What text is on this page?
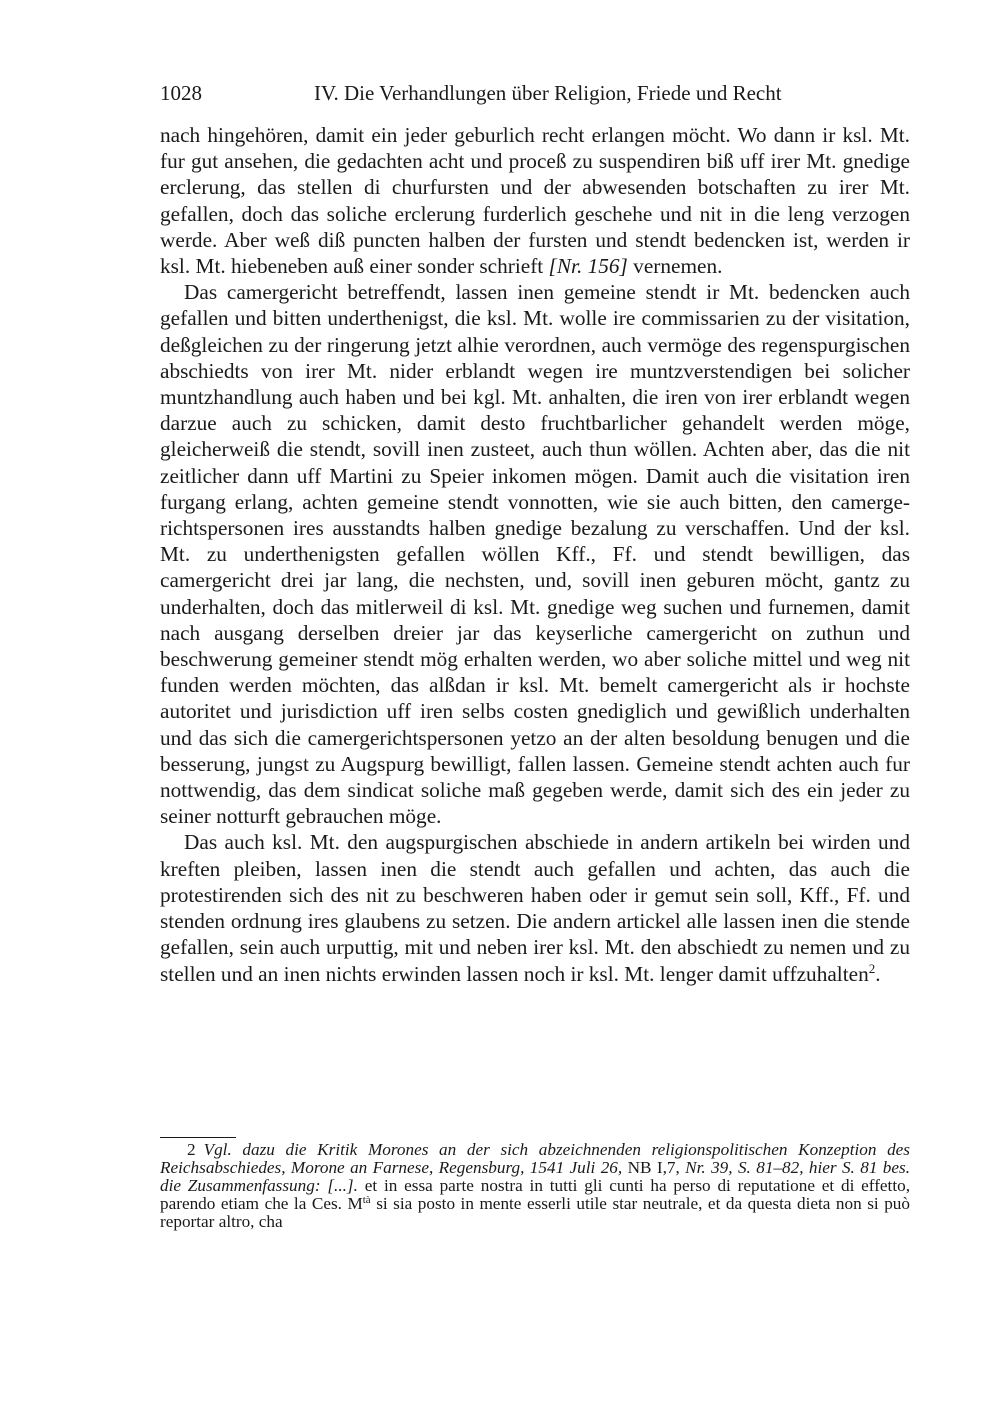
1028	IV. Die Verhandlungen über Religion, Friede und Recht

nach hingehören, damit ein jeder geburlich recht erlangen möcht. Wo dann ir ksl. Mt. fur gut ansehen, die gedachten acht und proceß zu suspendiren biß uff irer Mt. gnedige erclerung, das stellen di churfursten und der abwesenden botschaften zu irer Mt. gefallen, doch das soliche erclerung furderlich geschehe und nit in die leng verzogen werde. Aber weß diß puncten halben der fursten und stendt bedencken ist, werden ir ksl. Mt. hiebeneben auß einer sonder schrieft [Nr. 156] vernemen.

Das camergericht betreffendt, lassen inen gemeine stendt ir Mt. bedencken auch gefallen und bitten underthenigst, die ksl. Mt. wolle ire commissarien zu der visitation, deßgleichen zu der ringerung jetzt alhie verordnen, auch vermöge des regenspurgischen abschiedts von irer Mt. nider erblandt wegen ire muntzverstendigen bei solicher muntzhandlung auch haben und bei kgl. Mt. anhalten, die iren von irer erblandt wegen darzue auch zu schicken, damit desto fruchtbarlicher gehandelt werden möge, gleicherweiß die stendt, sovill inen zusteet, auch thun wöllen. Achten aber, das die nit zeitlicher dann uff Martini zu Speier inkomen mögen. Damit auch die visitation iren furgang erlang, achten gemeine stendt vonnotten, wie sie auch bitten, den camergerichtspersonen ires ausstandts halben gnedige bezalung zu verschaffen. Und der ksl. Mt. zu underthenigsten gefallen wöllen Kff., Ff. und stendt bewilligen, das camergericht drei jar lang, die nechsten, und, sovill inen geburen möcht, gantz zu underhalten, doch das mitlerweil di ksl. Mt. gnedige weg suchen und furnemen, damit nach ausgang derselben dreier jar das keyserliche camergericht on zuthun und beschwerung gemeiner stendt mög erhalten werden, wo aber soliche mittel und weg nit funden werden möchten, das alßdan ir ksl. Mt. bemelt camergericht als ir hochste autoritet und jurisdiction uff iren selbs costen gnediglich und gewißlich underhalten und das sich die camergerichtspersonen yetzo an der alten besoldung benugen und die besserung, jungst zu Augspurg bewilligt, fallen lassen. Gemeine stendt achten auch fur nottwendig, das dem sindicat soliche maß gegeben werde, damit sich des ein jeder zu seiner notturft gebrauchen möge.

Das auch ksl. Mt. den augspurgischen abschiede in andern artikeln bei wirden und kreften pleiben, lassen inen die stendt auch gefallen und achten, das auch die protestirenden sich des nit zu beschweren haben oder ir gemut sein soll, Kff., Ff. und stenden ordnung ires glaubens zu setzen. Die andern artickel alle lassen inen die stende gefallen, sein auch urputtig, mit und neben irer ksl. Mt. den abschiedt zu nemen und zu stellen und an inen nichts erwinden lassen noch ir ksl. Mt. lenger damit uffzuhalten$^2$.

2 Vgl. dazu die Kritik Morones an der sich abzeichnenden religionspolitischen Konzeption des Reichsabschiedes, Morone an Farnese, Regensburg, 1541 Juli 26, NB I,7, Nr. 39, S. 81–82, hier S. 81 bes. die Zusammenfassung: [...]. et in essa parte nostra in tutti gli cunti ha perso di reputatione et di effetto, parendo etiam che la Ces. M$^{tà}$ si sia posto in mente esserli utile star neutrale, et da questa dieta non si può reportar altro, cha
